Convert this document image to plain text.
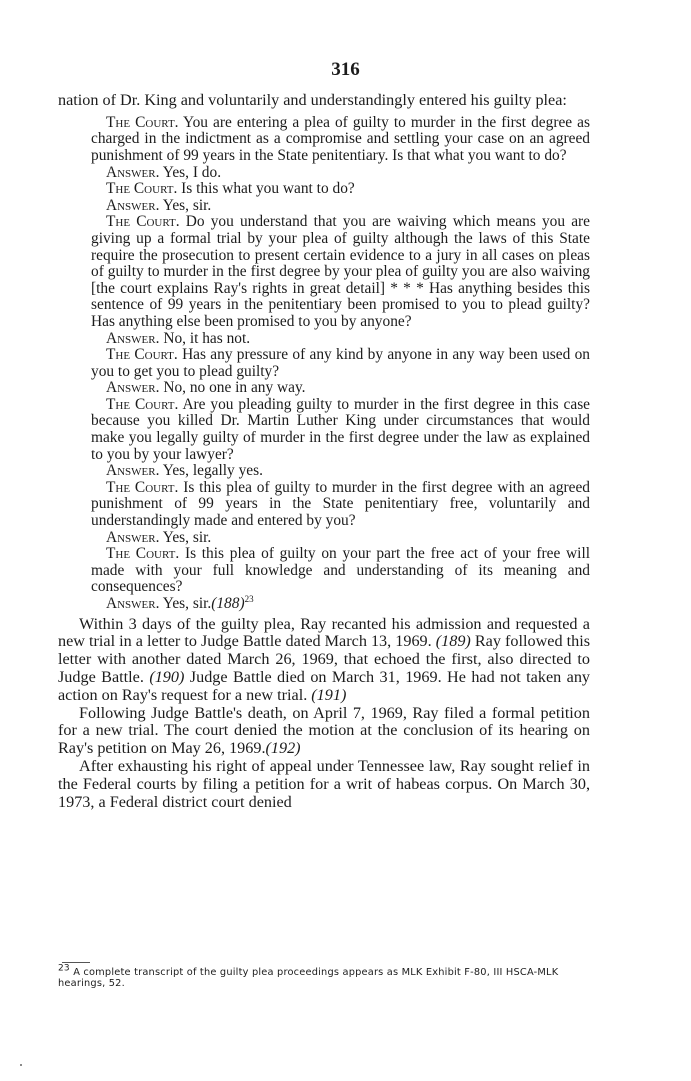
316

nation of Dr. King and voluntarily and understandingly entered his guilty plea:

The Court. You are entering a plea of guilty to murder in the first degree as charged in the indictment as a compromise and settling your case on an agreed punishment of 99 years in the State penitentiary. Is that what you want to do?

Answer. Yes, I do.

The Court. Is this what you want to do?

Answer. Yes, sir.

The Court. Do you understand that you are waiving which means you are giving up a formal trial by your plea of guilty although the laws of this State require the prosecution to present certain evidence to a jury in all cases on pleas of guilty to murder in the first degree by your plea of guilty you are also waiving [the court explains Ray's rights in great detail] * * * Has anything besides this sentence of 99 years in the penitentiary been promised to you to plead guilty? Has anything else been promised to you by anyone?

Answer. No, it has not.

The Court. Has any pressure of any kind by anyone in any way been used on you to get you to plead guilty?

Answer. No, no one in any way.

The Court. Are you pleading guilty to murder in the first degree in this case because you killed Dr. Martin Luther King under circumstances that would make you legally guilty of murder in the first degree under the law as explained to you by your lawyer?

Answer. Yes, legally yes.

The Court. Is this plea of guilty to murder in the first degree with an agreed punishment of 99 years in the State penitentiary free, voluntarily and understandingly made and entered by you?

Answer. Yes, sir.

The Court. Is this plea of guilty on your part the free act of your free will made with your full knowledge and understanding of its meaning and consequences?

Answer. Yes, $sir.(188)^{23}$

Within 3 days of the guilty plea, Ray recanted his admission and requested a new trial in a letter to Judge Battle dated March 13, 1969. (189) Ray followed this letter with another dated March 26, 1969, that echoed the first, also directed to Judge Battle. (190) Judge Battle died on March 31, 1969. He had not taken any action on Ray's request for a new trial. (191)

Following Judge Battle's death, on April 7, 1969, Ray filed a formal petition for a new trial. The court denied the motion at the conclusion of its hearing on Ray's petition on May 26, 1969.(192)

After exhausting his right of appeal under Tennessee law, Ray sought relief in the Federal courts by filing a petition for a writ of habeas corpus. On March 30, 1973, a Federal district court denied

$^{23}$ A complete transcript of the guilty plea proceedings appears as MLK Exhibit F-80, III HSCA-MLK hearings, 52.
